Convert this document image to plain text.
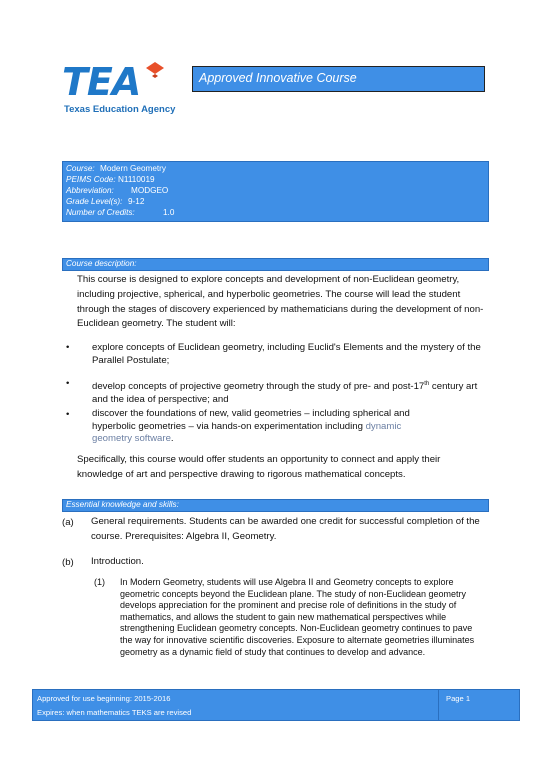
TEA
Texas Education Agency
Approved Innovative Course
Course: Modern Geometry
PEIMS Code: N1110019
Abbreviation: MODGEO
Grade Level(s): 9-12
Number of Credits:	1.0
Course description:
This course is designed to explore concepts and development of non-Euclidean geometry, including projective, spherical, and hyperbolic geometries. The course will lead the student through the stages of discovery experienced by mathematicians during the development of non-Euclidean geometry. The student will:
• explore concepts of Euclidean geometry, including Euclid's Elements and the mystery of the Parallel Postulate;
• develop concepts of projective geometry through the study of pre- and post-17th century art and the idea of perspective; and
• discover the foundations of new, valid geometries – including spherical and hyperbolic geometries – via hands-on experimentation including dynamic geometry software.
Specifically, this course would offer students an opportunity to connect and apply their knowledge of art and perspective drawing to rigorous mathematical concepts.
Essential knowledge and skills:
(a) General requirements. Students can be awarded one credit for successful completion of the course. Prerequisites: Algebra II, Geometry.
(b) Introduction.
(1) In Modern Geometry, students will use Algebra II and Geometry concepts to explore geometric concepts beyond the Euclidean plane. The study of non-Euclidean geometry develops appreciation for the prominent and precise role of definitions in the study of mathematics, and allows the student to gain new mathematical perspectives while strengthening Euclidean geometry concepts. Non-Euclidean geometry continues to pave the way for innovative scientific discoveries. Exposure to alternate geometries illuminates geometry as a dynamic field of study that continues to develop and advance.
Approved for use beginning: 2015-2016
Expires: when mathematics TEKS are revised
Page 1
